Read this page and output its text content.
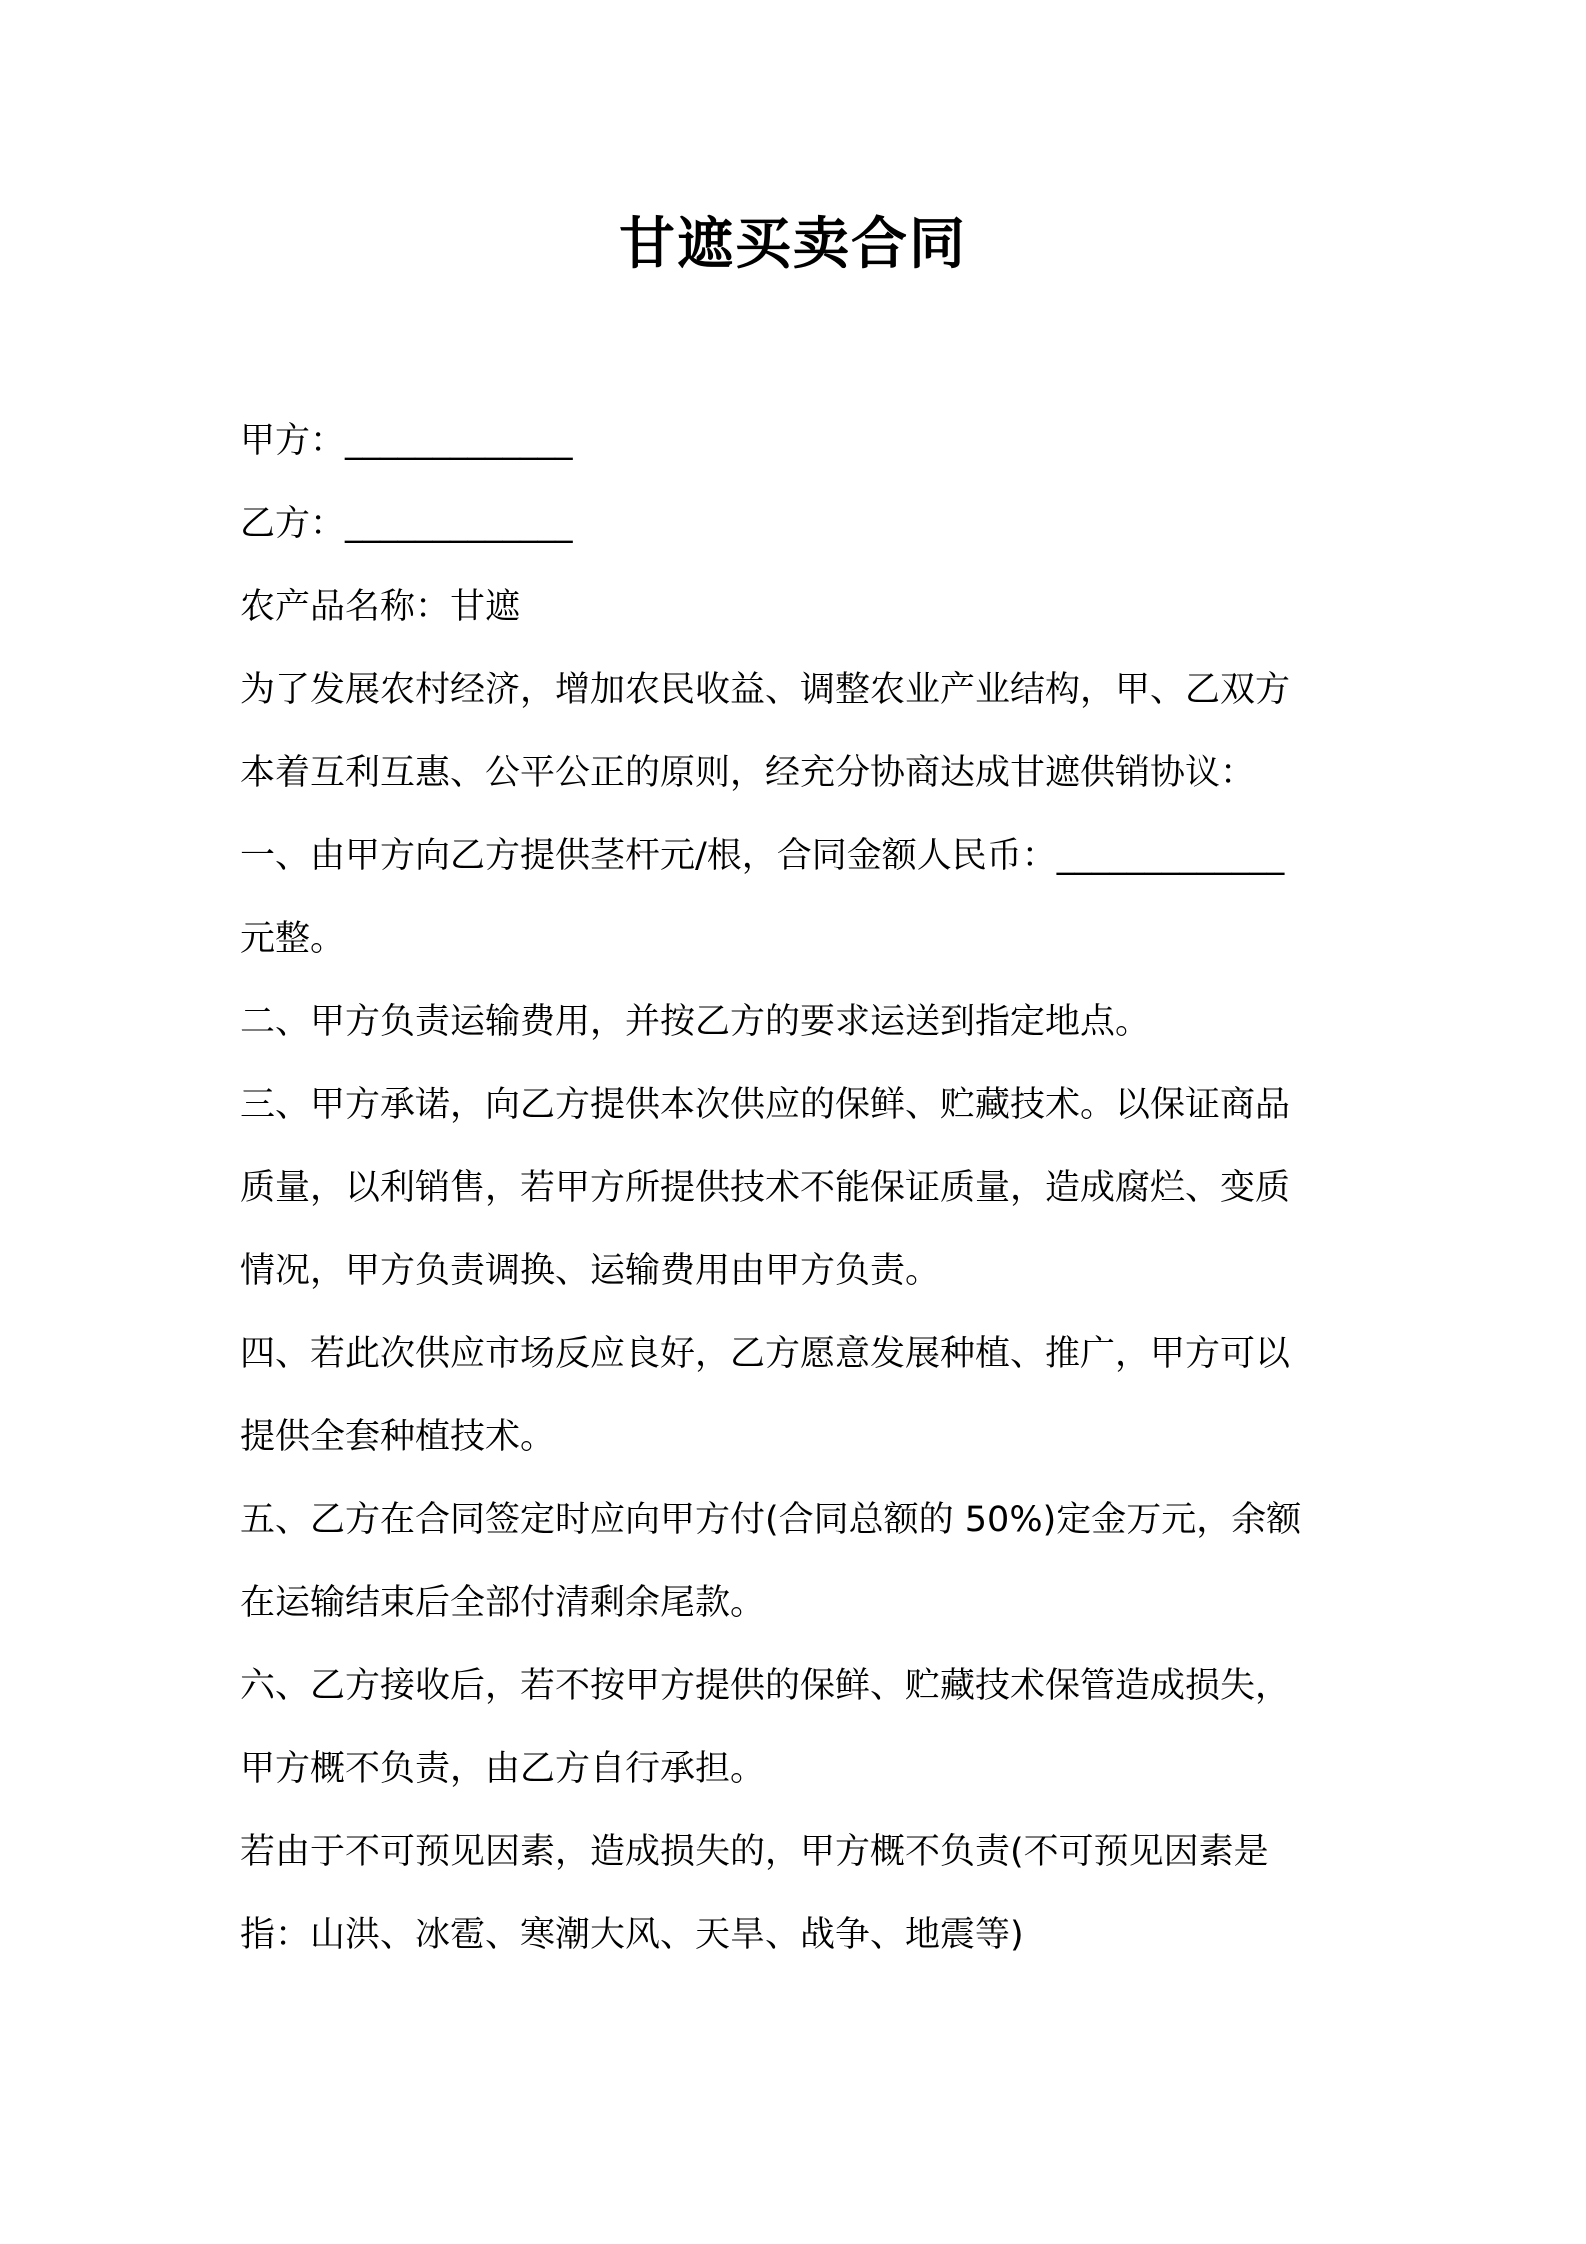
甘遮买卖合同
甲方：_____________
乙方：_____________
农产品名称：甘遮
为了发展农村经济，增加农民收益、调整农业产业结构，甲、乙双方
本着互利互惠、公平公正的原则，经充分协商达成甘遮供销协议：
一、由甲方向乙方提供茎杆元/根，合同金额人民币：_____________
元整。
二、甲方负责运输费用，并按乙方的要求运送到指定地点。
三、甲方承诺，向乙方提供本次供应的保鲜、贮藏技术。以保证商品
质量，以利销售，若甲方所提供技术不能保证质量，造成腐烂、变质
情况，甲方负责调换、运输费用由甲方负责。
四、若此次供应市场反应良好，乙方愿意发展种植、推广，甲方可以
提供全套种植技术。
五、乙方在合同签定时应向甲方付(合同总额的 50%)定金万元，余额
在运输结束后全部付清剩余尾款。
六、乙方接收后，若不按甲方提供的保鲜、贮藏技术保管造成损失，
甲方概不负责，由乙方自行承担。
若由于不可预见因素，造成损失的，甲方概不负责(不可预见因素是
指：山洪、冰雹、寒潮大风、天旱、战争、地震等)
